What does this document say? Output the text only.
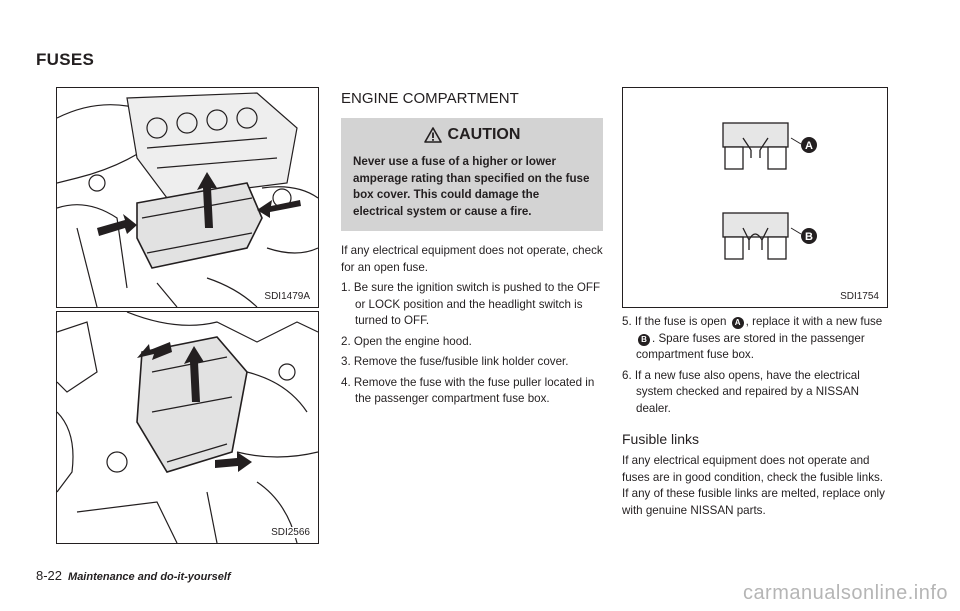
FUSES
SDI1479A
SDI2566
ENGINE COMPARTMENT
CAUTION
Never use a fuse of a higher or lower amperage rating than specified on the fuse box cover. This could damage the electrical system or cause a fire.

If any electrical equipment does not operate, check for an open fuse.

1. Be sure the ignition switch is pushed to the OFF or LOCK position and the headlight switch is turned to OFF.
2. Open the engine hood.
3. Remove the fuse/fusible link holder cover.
4. Remove the fuse with the fuse puller located in the passenger compartment fuse box.
A
B
SDI1754
5. If the fuse is open A , replace it with a new fuse B . Spare fuses are stored in the passenger compartment fuse box.
6. If a new fuse also opens, have the electrical system checked and repaired by a NISSAN dealer.
Fusible links

If any electrical equipment does not operate and fuses are in good condition, check the fusible links. If any of these fusible links are melted, replace only with genuine NISSAN parts.

8-22 Maintenance and do-it-yourself
carmanualsonline.info
